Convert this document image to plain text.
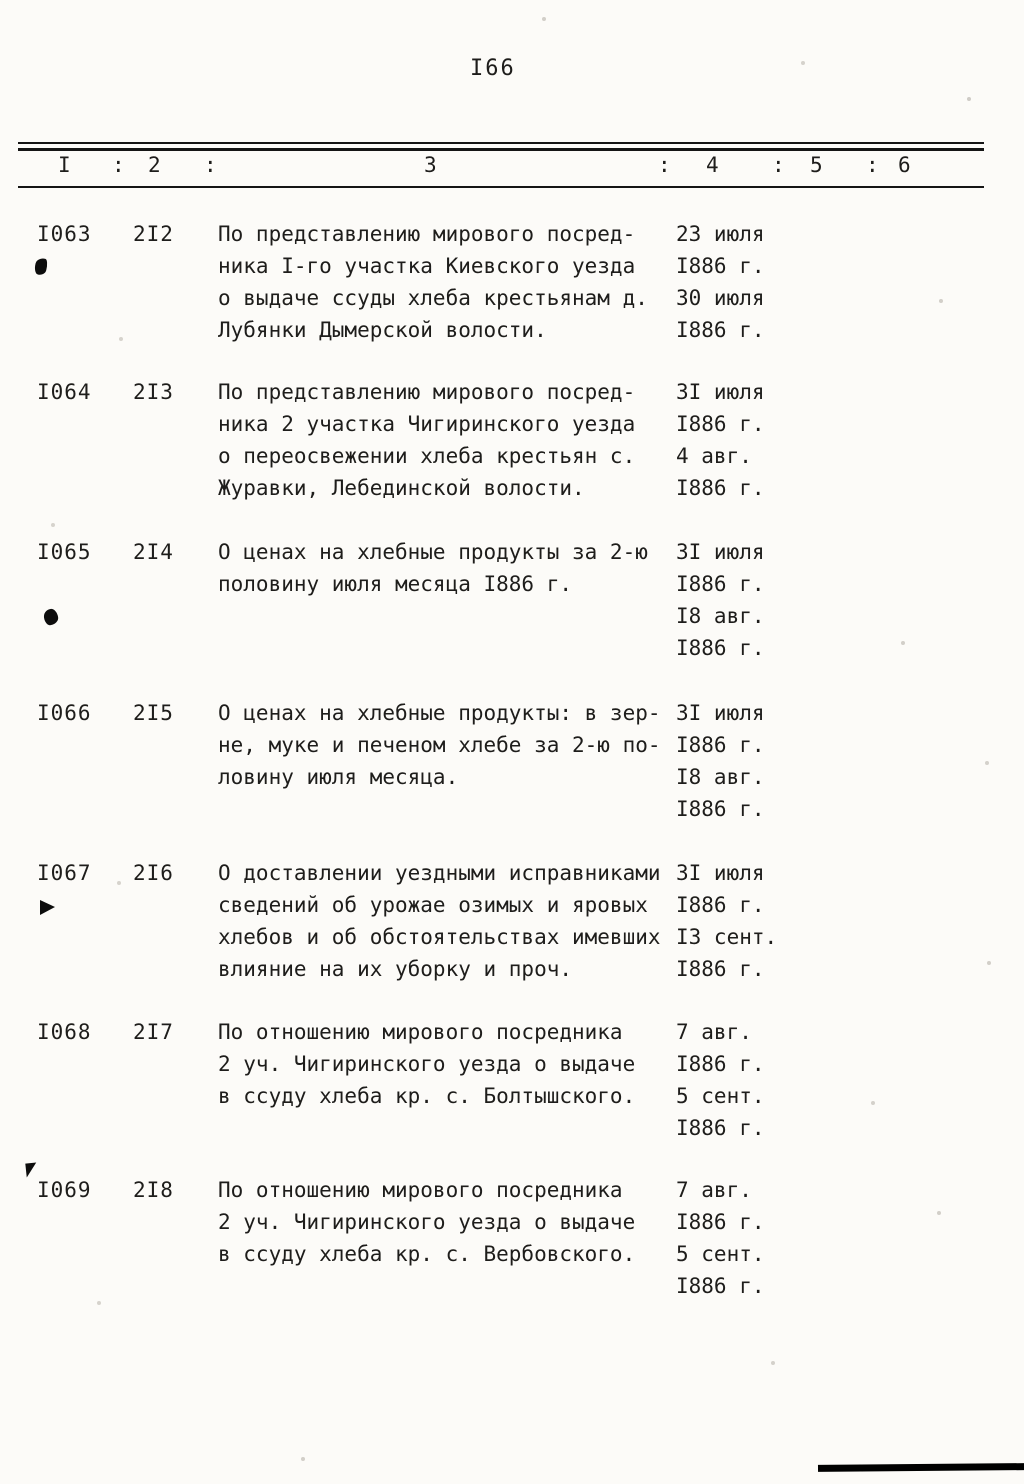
I66
I : 2 :	3	: 4	: 5 : 6
I063 2I2 По представлению мирового посред-
ника I-го участка Киевского уезда
о выдаче ссуды хлеба крестьянам д.
Лубянки Дымерской волости.
23 июля
I886 г.
30 июля
I886 г.
I064 2I3 По представлению мирового посред-
ника 2 участка Чигиринского уезда
о переосвежении хлеба крестьян с.
Журавки, Лебединской волости.
3I июля
I886 г.
4 авг.
I886 г.
I065 2I4 О ценах на хлебные продукты за 2-ю
половину июля месяца I886 г.
3I июля
I886 г.
I8 авг.
I886 г.
I066 2I5 О ценах на хлебные продукты: в зер-
не, муке и печеном хлебе за 2-ю по-
ловину июля месяца.
3I июля
I886 г.
I8 авг.
I886 г.
I067 2I6 О доставлении уездными исправниками
сведений об урожае озимых и яровых
хлебов и об обстоятельствах имевших
влияние на их уборку и проч.
3I июля
I886 г.
I3 сент.
I886 г.
I068 2I7 По отношению мирового посредника
2 уч. Чигиринского уезда о выдаче
в ссуду хлеба кр. с. Болтышского.
7 авг.
I886 г.
5 сент.
I886 г.
I069 2I8 По отношению мирового посредника
2 уч. Чигиринского уезда о выдаче
в ссуду хлеба кр. с. Вербовского.
7 авг.
I886 г.
5 сент.
I886 г.
